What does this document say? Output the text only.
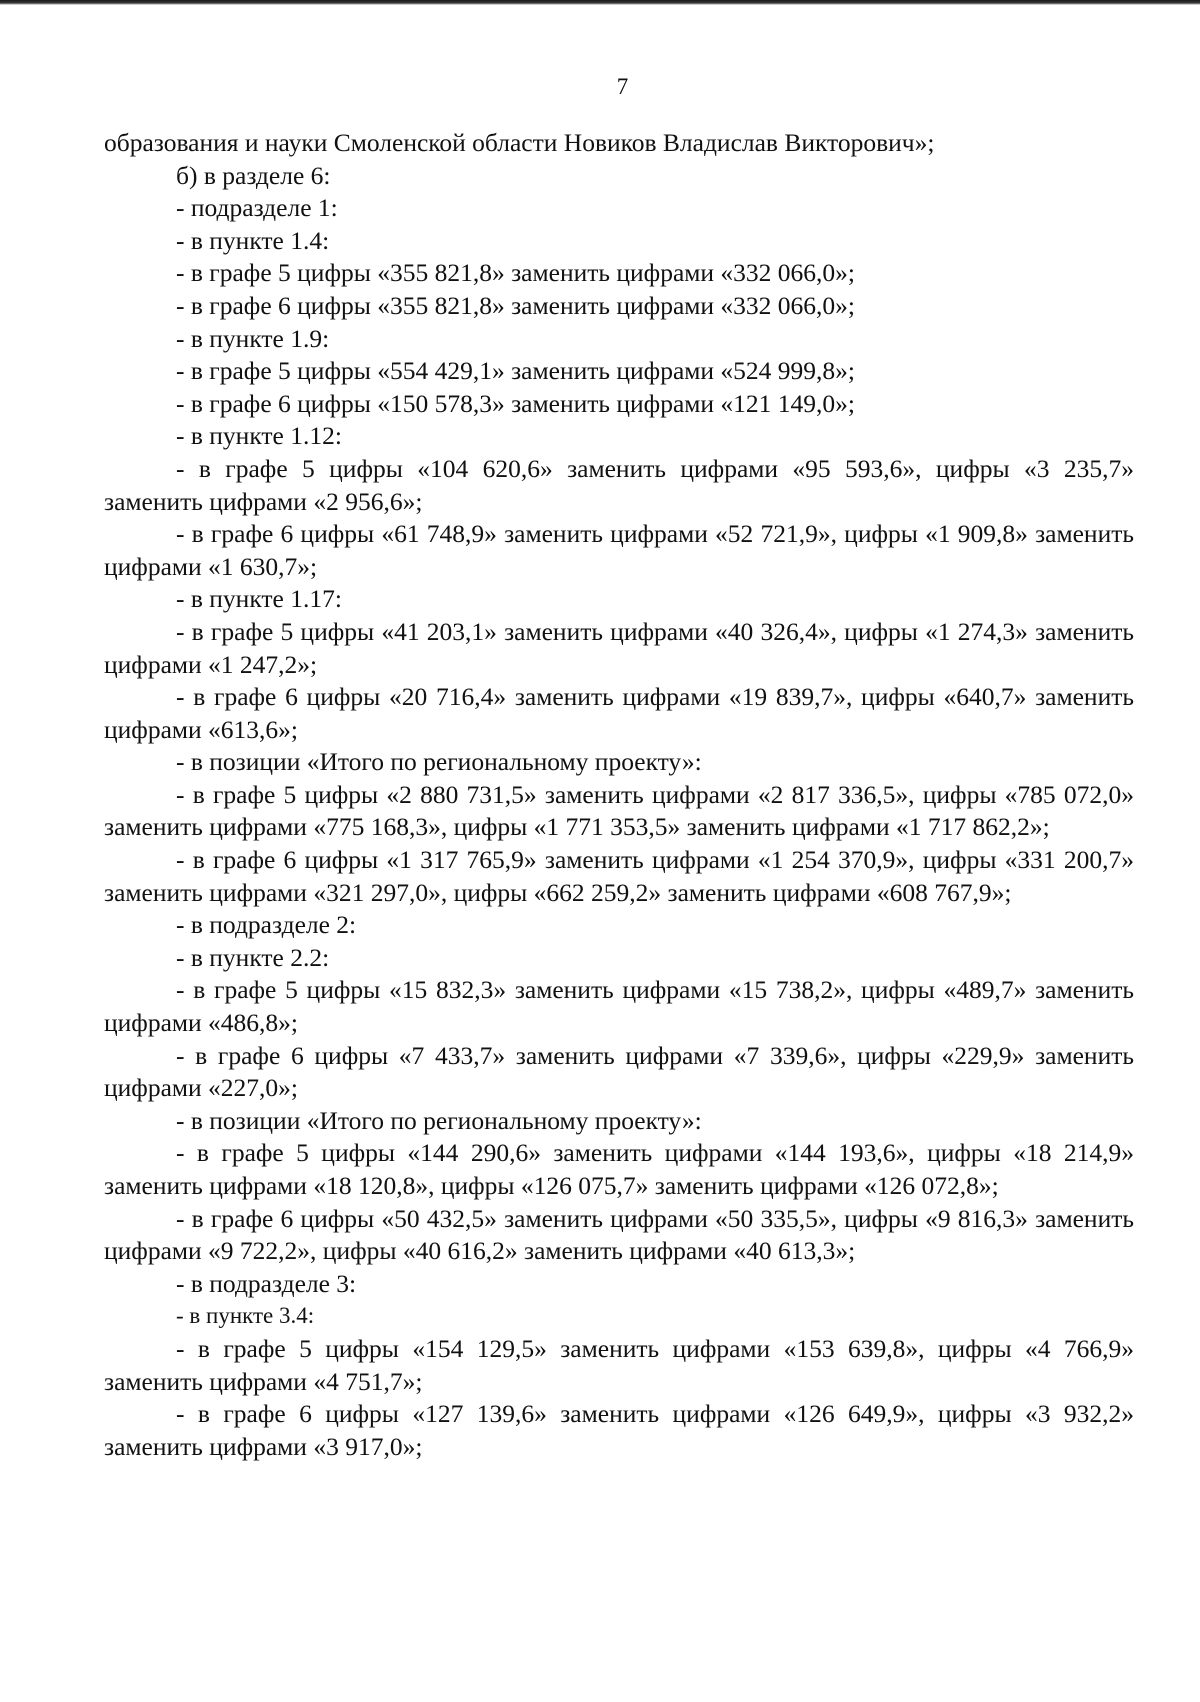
7

образования и науки Смоленской области Новиков Владислав Викторович»;

б) в разделе 6:

- подразделе 1:

- в пункте 1.4:

- в графе 5 цифры «355 821,8» заменить цифрами «332 066,0»;

- в графе 6 цифры «355 821,8» заменить цифрами «332 066,0»;

- в пункте 1.9:

- в графе 5 цифры «554 429,1» заменить цифрами «524 999,8»;

- в графе 6 цифры «150 578,3» заменить цифрами «121 149,0»;

- в пункте 1.12:

- в графе 5 цифры «104 620,6» заменить цифрами «95 593,6», цифры «3 235,7» заменить цифрами «2 956,6»;

- в графе 6 цифры «61 748,9» заменить цифрами «52 721,9», цифры «1 909,8» заменить цифрами «1 630,7»;

- в пункте 1.17:

- в графе 5 цифры «41 203,1» заменить цифрами «40 326,4», цифры «1 274,3» заменить цифрами «1 247,2»;

- в графе 6 цифры «20 716,4» заменить цифрами «19 839,7», цифры «640,7» заменить цифрами «613,6»;

- в позиции «Итого по региональному проекту»:

- в графе 5 цифры «2 880 731,5» заменить цифрами «2 817 336,5», цифры «785 072,0» заменить цифрами «775 168,3», цифры «1 771 353,5» заменить цифрами «1 717 862,2»;

- в графе 6 цифры «1 317 765,9» заменить цифрами «1 254 370,9», цифры «331 200,7» заменить цифрами «321 297,0», цифры «662 259,2» заменить цифрами «608 767,9»;

- в подразделе 2:

- в пункте 2.2:

- в графе 5 цифры «15 832,3» заменить цифрами «15 738,2», цифры «489,7» заменить цифрами «486,8»;

- в графе 6 цифры «7 433,7» заменить цифрами «7 339,6», цифры «229,9» заменить цифрами «227,0»;

- в позиции «Итого по региональному проекту»:

- в графе 5 цифры «144 290,6» заменить цифрами «144 193,6», цифры «18 214,9» заменить цифрами «18 120,8», цифры «126 075,7» заменить цифрами «126 072,8»;

- в графе 6 цифры «50 432,5» заменить цифрами «50 335,5», цифры «9 816,3» заменить цифрами «9 722,2», цифры «40 616,2» заменить цифрами «40 613,3»;

- в подразделе 3:

- в пункте 3.4:

- в графе 5 цифры «154 129,5» заменить цифрами «153 639,8», цифры «4 766,9» заменить цифрами «4 751,7»;

- в графе 6 цифры «127 139,6» заменить цифрами «126 649,9», цифры «3 932,2» заменить цифрами «3 917,0»;
